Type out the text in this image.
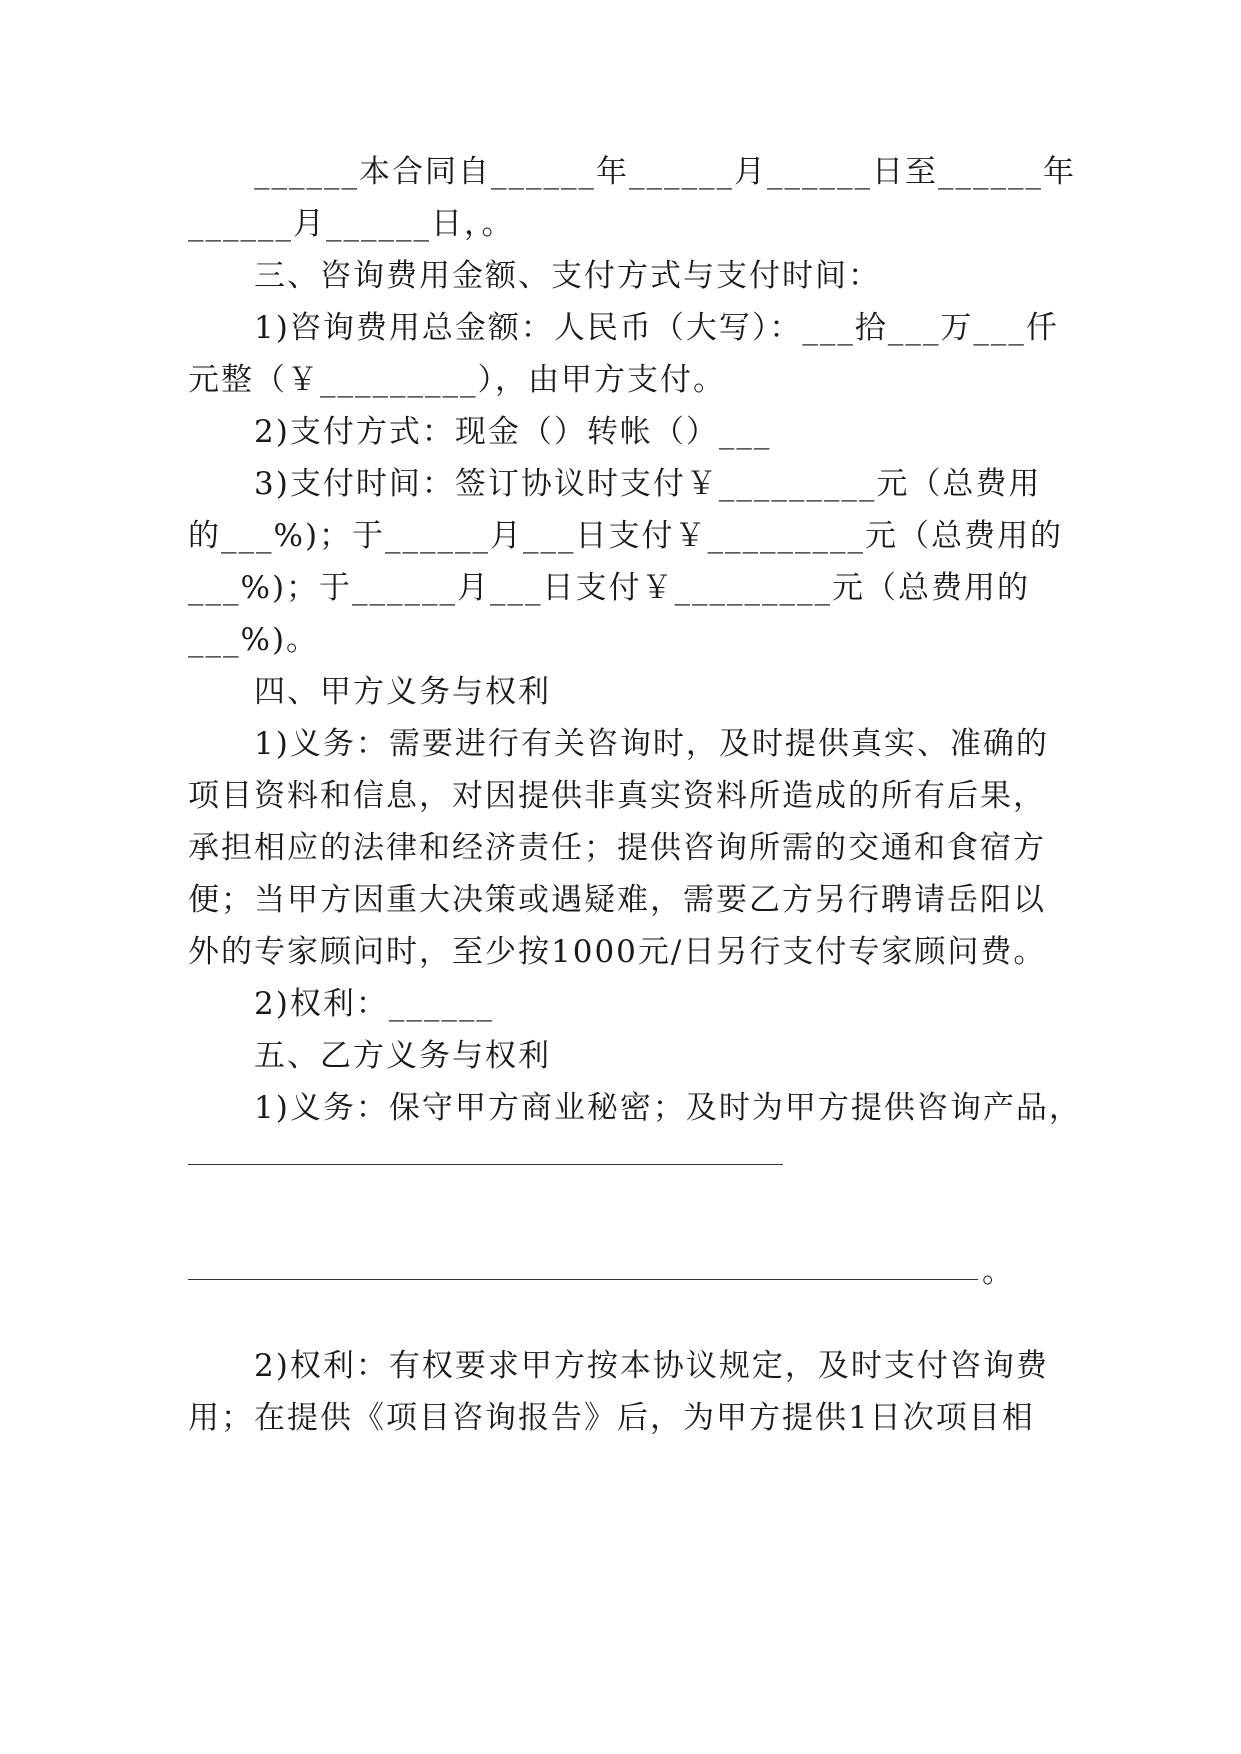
______本合同自______年______月______日至______年
______月______日，。
三、咨询费用金额、支付方式与支付时间：
1)咨询费用总金额：人民币（大写）：___拾___万___仟
元整（￥_________），由甲方支付。
2)支付方式：现金（）转帐（）___
3)支付时间：签订协议时支付￥_________元（总费用
的___%)；于______月___日支付￥_________元（总费用的
___%)；于______月___日支付￥_________元（总费用的
___%)。
四、甲方义务与权利
1)义务：需要进行有关咨询时，及时提供真实、准确的
项目资料和信息，对因提供非真实资料所造成的所有后果，
承担相应的法律和经济责任；提供咨询所需的交通和食宿方
便；当甲方因重大决策或遇疑难，需要乙方另行聘请岳阳以
外的专家顾问时，至少按1000元/日另行支付专家顾问费。
2)权利：______
五、乙方义务与权利
1)义务：保守甲方商业秘密；及时为甲方提供咨询产品，
。
2)权利：有权要求甲方按本协议规定，及时支付咨询费
用；在提供《项目咨询报告》后，为甲方提供1日次项目相
